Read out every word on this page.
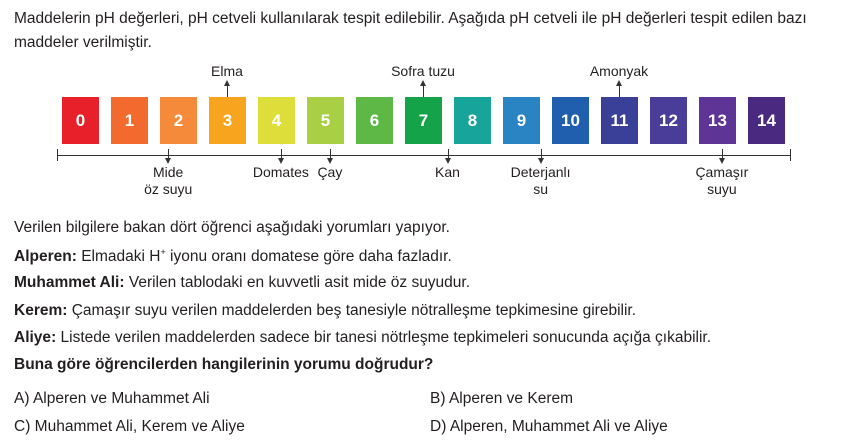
Maddelerin pH değerleri, pH cetveli kullanılarak tespit edilebilir. Aşağıda pH cetveli ile pH değerleri tespit edilen bazı maddeler verilmiştir.

0	1	2	3	4	5	6	7	8	9	10	11	12	13	14
Elma	Sofra tuzu	Amonyak
Mide
öz suyu
Domates Çay	Kan	Deterjanlı
su
Çamaşır
suyu
Verilen bilgilere bakan dört öğrenci aşağıdaki yorumları yapıyor.
Alperen: Elmadaki H+ iyonu oranı domatese göre daha fazladır.
Muhammet Ali: Verilen tablodaki en kuvvetli asit mide öz suyudur.
Kerem: Çamaşır suyu verilen maddelerden beş tanesiyle nötralleşme tepkimesine girebilir.
Aliye: Listede verilen maddelerden sadece bir tanesi nötrleşme tepkimeleri sonucunda açığa çıkabilir.
Buna göre öğrencilerden hangilerinin yorumu doğrudur?
A) Alperen ve Muhammet Ali	B) Alperen ve Kerem
C) Muhammet Ali, Kerem ve Aliye	D) Alperen, Muhammet Ali ve Aliye
